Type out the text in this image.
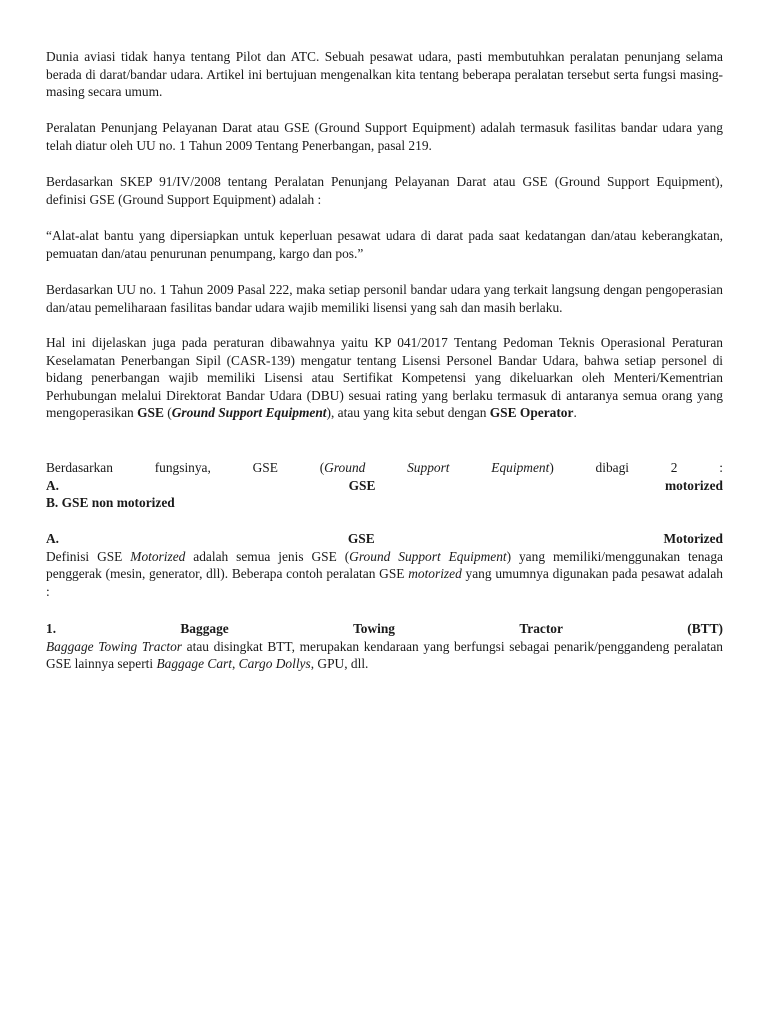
Dunia aviasi tidak hanya tentang Pilot dan ATC. Sebuah pesawat udara, pasti membutuhkan peralatan penunjang selama berada di darat/bandar udara. Artikel ini bertujuan mengenalkan kita tentang beberapa peralatan tersebut serta fungsi masing-masing secara umum.

Peralatan Penunjang Pelayanan Darat atau GSE (Ground Support Equipment) adalah termasuk fasilitas bandar udara yang telah diatur oleh UU no. 1 Tahun 2009 Tentang Penerbangan, pasal 219.

Berdasarkan SKEP 91/IV/2008 tentang Peralatan Penunjang Pelayanan Darat atau GSE (Ground Support Equipment), definisi GSE (Ground Support Equipment) adalah :

“Alat-alat bantu yang dipersiapkan untuk keperluan pesawat udara di darat pada saat kedatangan dan/atau keberangkatan, pemuatan dan/atau penurunan penumpang, kargo dan pos.”

Berdasarkan UU no. 1 Tahun 2009 Pasal 222, maka setiap personil bandar udara yang terkait langsung dengan pengoperasian dan/atau pemeliharaan fasilitas bandar udara wajib memiliki lisensi yang sah dan masih berlaku.

Hal ini dijelaskan juga pada peraturan dibawahnya yaitu KP 041/2017 Tentang Pedoman Teknis Operasional Peraturan Keselamatan Penerbangan Sipil (CASR-139) mengatur tentang Lisensi Personel Bandar Udara, bahwa setiap personel di bidang penerbangan wajib memiliki Lisensi atau Sertifikat Kompetensi yang dikeluarkan oleh Menteri/Kementrian Perhubungan melalui Direktorat Bandar Udara (DBU) sesuai rating yang berlaku termasuk di antaranya semua orang yang mengoperasikan GSE (Ground Support Equipment), atau yang kita sebut dengan GSE Operator.

Berdasarkan	fungsinya,	GSE	(Ground	Support	Equipment)	dibagi	2	:
A.	GSE	motorized
B. GSE non motorized
A.	GSE	Motorized
Definisi GSE Motorized adalah semua jenis GSE (Ground Support Equipment) yang memiliki/menggunakan tenaga penggerak (mesin, generator, dll). Beberapa contoh peralatan GSE motorized yang umumnya digunakan pada pesawat adalah :
1.	Baggage	Towing	Tractor	(BTT)
Baggage Towing Tractor atau disingkat BTT, merupakan kendaraan yang berfungsi sebagai penarik/penggandeng peralatan GSE lainnya seperti Baggage Cart, Cargo Dollys, GPU, dll.
